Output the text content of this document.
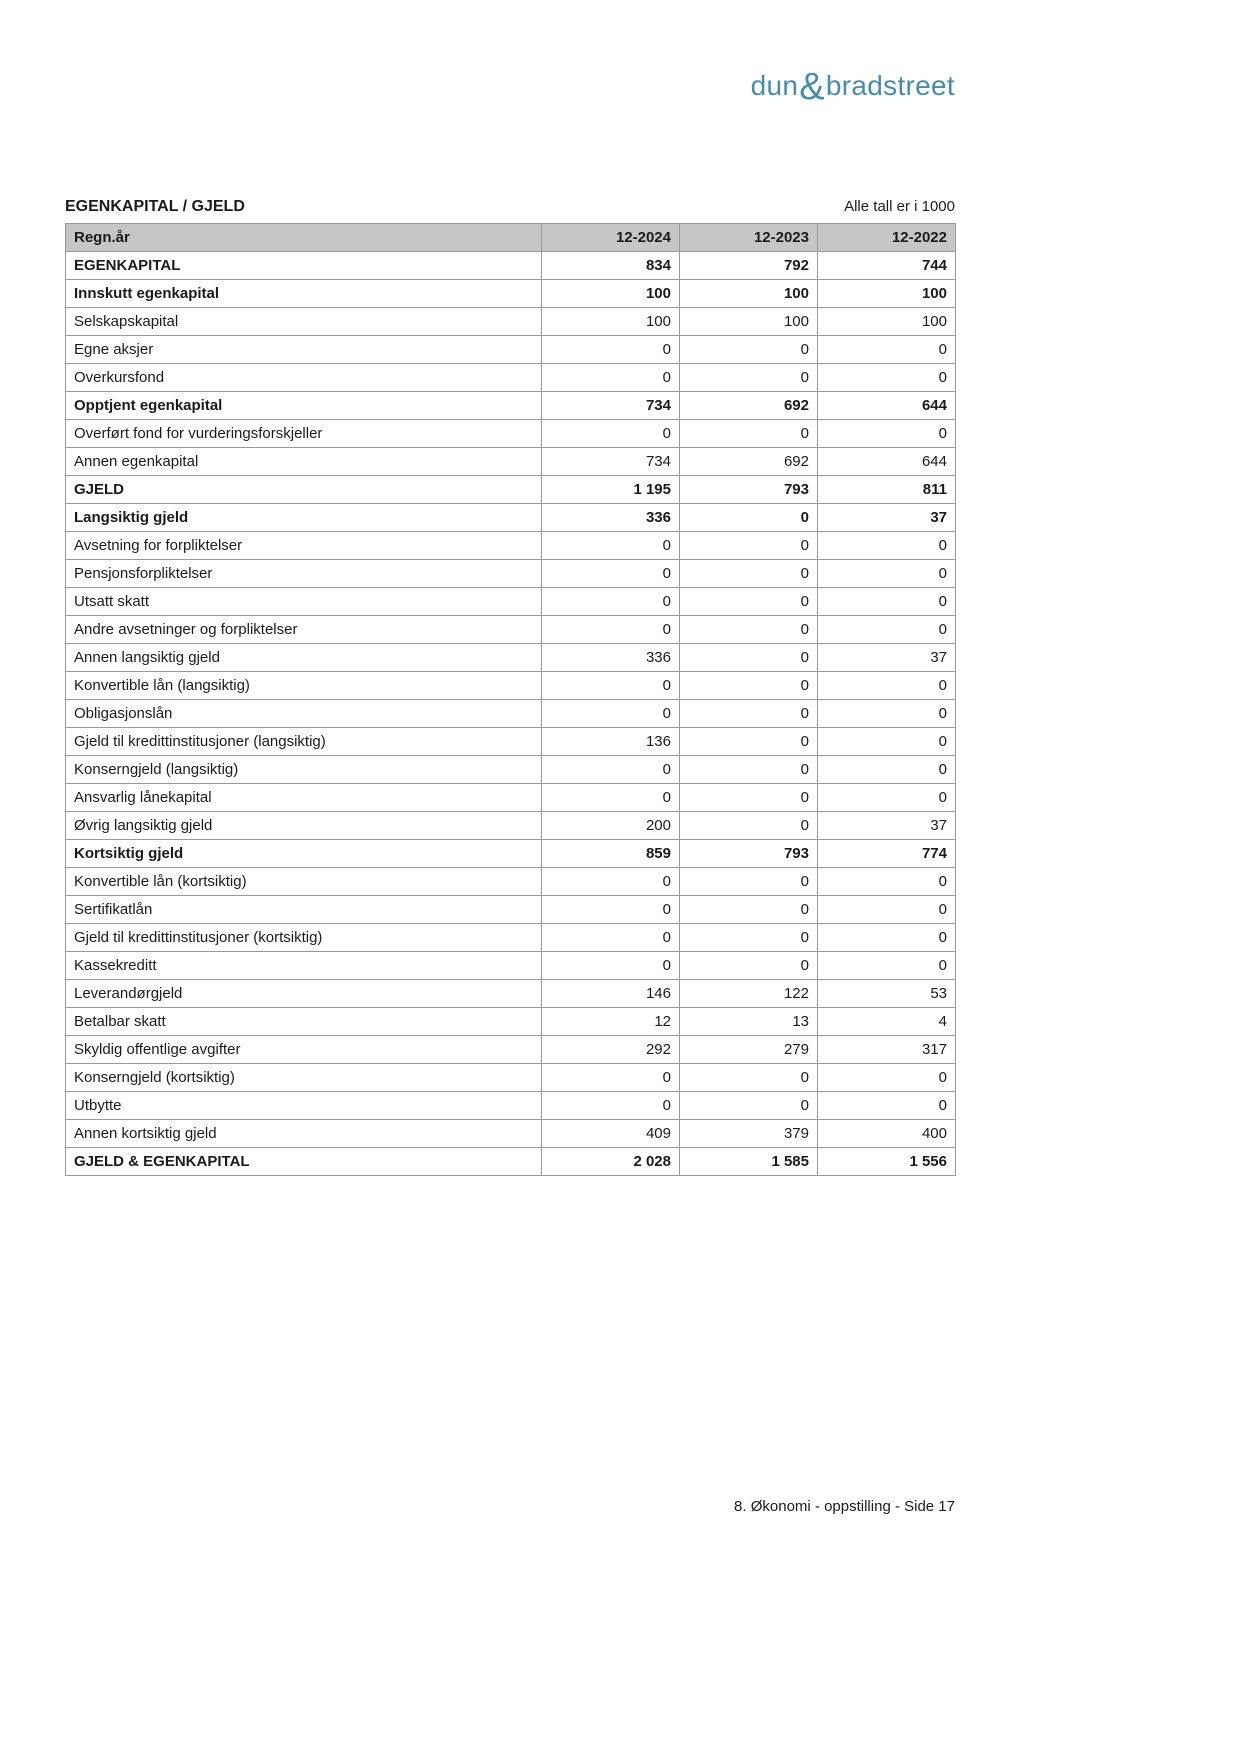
dun&bradstreet
EGENKAPITAL / GJELD	Alle tall er i 1000
Regn.år	12-2024	12-2023	12-2022
EGENKAPITAL	834	792	744
Innskutt egenkapital	100	100	100
Selskapskapital	100	100	100
Egne aksjer	0	0	0
Overkursfond	0	0	0
Opptjent egenkapital	734	692	644
Overført fond for vurderingsforskjeller	0	0	0
Annen egenkapital	734	692	644
GJELD	1 195	793	811
Langsiktig gjeld	336	0	37
Avsetning for forpliktelser	0	0	0
Pensjonsforpliktelser	0	0	0
Utsatt skatt	0	0	0
Andre avsetninger og forpliktelser	0	0	0
Annen langsiktig gjeld	336	0	37
Konvertible lån (langsiktig)	0	0	0
Obligasjonslån	0	0	0
Gjeld til kredittinstitusjoner (langsiktig)	136	0	0
Konserngjeld (langsiktig)	0	0	0
Ansvarlig lånekapital	0	0	0
Øvrig langsiktig gjeld	200	0	37
Kortsiktig gjeld	859	793	774
Konvertible lån (kortsiktig)	0	0	0
Sertifikatlån	0	0	0
Gjeld til kredittinstitusjoner (kortsiktig)	0	0	0
Kassekreditt	0	0	0
Leverandørgjeld	146	122	53
Betalbar skatt	12	13	4
Skyldig offentlige avgifter	292	279	317
Konserngjeld (kortsiktig)	0	0	0
Utbytte	0	0	0
Annen kortsiktig gjeld	409	379	400
GJELD & EGENKAPITAL	2 028	1 585	1 556
8. Økonomi - oppstilling - Side 17
